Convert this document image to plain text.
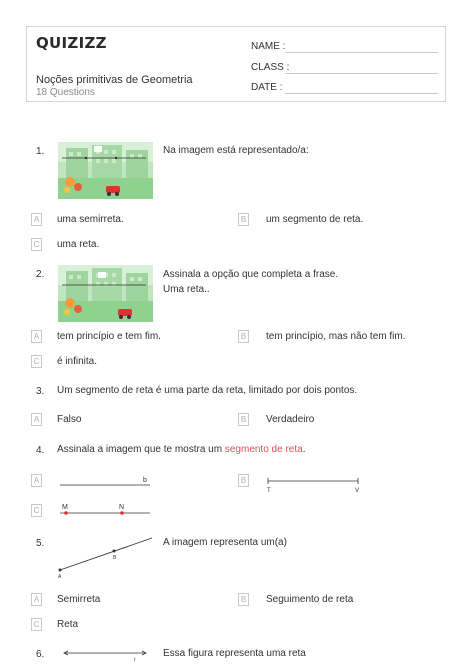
QUIZIZZ
Noções primitivas de Geometria
18 Questions
NAME :
CLASS :
DATE :
1.	Na imagem está representado/a:
A uma semirreta.	B um segmento de reta.
C uma reta.
2.	Assinala a opção que completa a frase.
Uma reta..
A tem princípio e tem fim.	B tem princípio, mas não tem fim.
C é infinita.
3. Um segmento de reta é uma parte da reta, limitado por dois pontos.
A Falso	B Verdadeiro
4. Assinala a imagem que te mostra um segmento de reta.
A	b	B
T	V
C	M	N
5.
A
B
A imagem representa um(a)
A Semirreta	B Seguimento de reta
C Reta
6.	r
Essa figura representa uma reta
